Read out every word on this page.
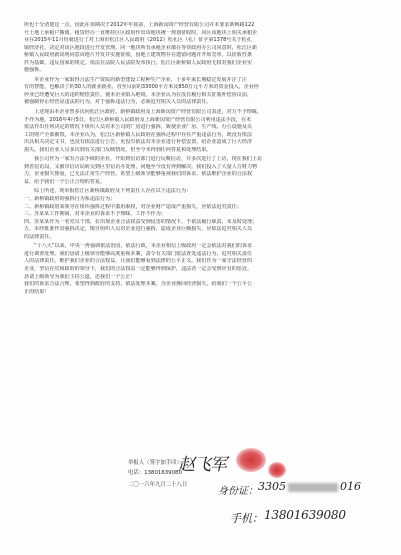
所也十分清楚这一点，因此在该期决于2012年年底前，上海新闵资产经营有限公司并未要求新梅路122
号土地上承租户搬离。租赁经办一直维持区区政府作出该地块统一规划征收时，同区该地块上相关承租企
业在2015年11月份就进行了对上海市松江区人民政府《2012》松孔区（孔）征字第1378号关于松孔
镇经济社，决定对该区地段进行开发管理。同一地块所有承租企业都在等待政府办公司同意时，松江区新
桥镇人民政府就说明同意该地片开发并实施征收，因地上建筑物存在遗留问题并开始签单，以征收性条
件为基础，违反国家的规定。依法在法院人民法院发布执行，松江区新桥镇人民政府无权对我们企业实
施强拆。
本企业作为一家取得合法生产资质的新型建设工程种生产企业，十多年来长期稳定发展并注了注
有的智能，也解决了约30人的就业就业。直至目前的33000平方米及850万元平方米的资金投入，企业停
停业已经遭受巨大的违约赔偿责任，使本企业陷入绝境。本企业认为在没有履行相关征收补偿协议前，
被强制停止经营是违法的行为，对于强拆违法行为，必须追究相关人员的法律责任。
上述现由本企业曾多次向松江区政府、新桥镇政府及上海新闵资产经营有限公司表述，对方不予理睬，
不作为地，2016年4月5日，松江区新桥镇人民政府及上海新闵资产经营有限公司利用违法手段，在未
依法作出任何决定的情况下组织人员对本公司的厂房进行强拆，致使企业厂房、生产线、办公设施及员
工的财产全部被毁。本企业认为，松江区新桥镇人民政府在强拆过程中存在严重违法行为，既没有依法
出具相关决定文书，也没有依法进行公告，更没有依法对本企业进行补偿安置，给企业造成了巨大经济
损失。我们企业人员多次到有关部门反映情况，但至今未得到任何答复和处理结果。
我公司作为一家有合法手续的企业，开始到信访部门进行反映信访，并多次进行了上访，现在我们上访
到省信访局，又被市信访局转交到区里信访办处理，问题至今没有得到解决。我们投入了大量人力财力物
力，企业损失惨重，已无法正常生产经营。希望上级领导能够重视我们的诉求，依法维护企业的合法权
益，给予我们一个公正合理的答复。
综上所述，现举报松江区新桥镇政府及下列责任人存在以下违法行为：
一、新桥镇政府的强拆行为系违法行为；
二、新桥镇政府某领导在组织强拆过程中滥用职权，对企业财产造成严重损失，应依法追究责任；
三、苏某某工作期间，对本企业的诉求不予理睬，工作不作为；
四、苏某某作为一名党员干部，在出现企业合法权益受到侵害的情况下，不依法履行职责，未及时处理；
五、未经批准作出强拆决定，擅自组织人员对企业进行强拆，造成企业巨额损失，应依法追究相关人员
的法律责任。
“十八大”以来，中央一再强调依法治国、依法行政，本企业相信上级政府一定会依法对我们的诉求
进行调查处理。我们恳请上级领导能够高度重视本案，责令有关部门依法查处违法行为，追究相关责任
人的法律责任，维护我们企业的合法权益，让我们能够看到法律的公平正义。我们作为一家守法经营的
企业，坚信在党和政府的领导下，我们的合法权益一定能够得到保护，违法者一定会受到应有的惩处。
恳请上级领导为我们主持公道，还我们一个公正！
我们的诉求合法合理，希望得到政府的支持，依法处理本案，为企业挽回经济损失，给我们一个公平公
正的结果！
举报人（签字加手印）：
电话：13801639080
二〇一六年九月二十八日
赵飞军
身份证： 3305	016
手机： 13801639080
